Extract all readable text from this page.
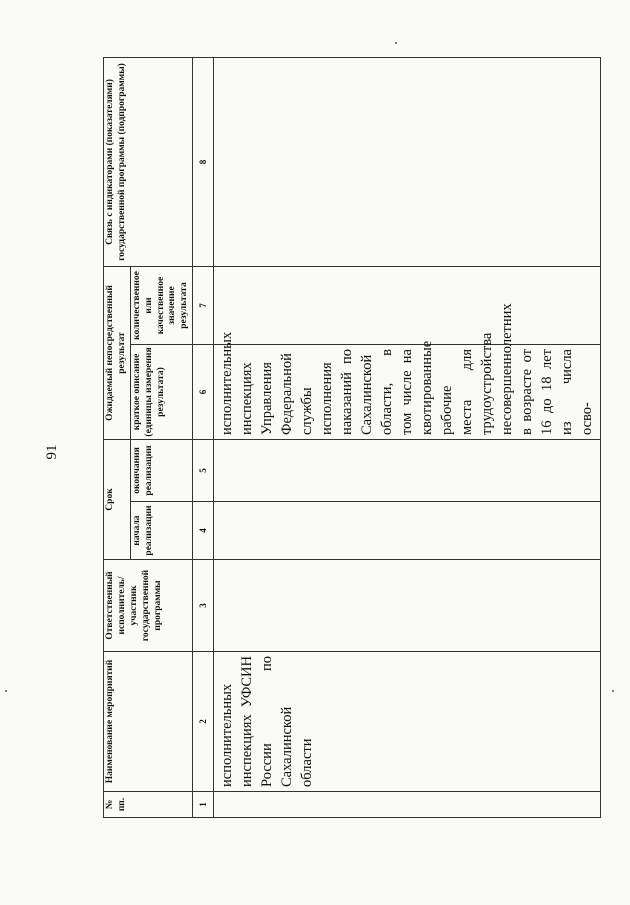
91
№ пп.	Наименование мероприятий	Ответственный исполнитель/ участник государственной программы	Срок		Ожидаемый непосредственный результат		Связь с индикаторами (показателями) государственной программы (подпрограммы)
			начала реализации	окончания реализации	краткое описание (единицы измерения результата)	количественное или качественное значение результата	
1	2	3	4	5	6	7	8

	исполнительных инспекциях УФСИН России по Сахалинской области				исполнительных инспекциях Управления Федеральной службы исполнения наказаний по Сахалинской области, в том числе на квотированные рабочие места для трудоустройства несовершеннолетних в возрасте от 16 до 18 лет из числа осво-		
